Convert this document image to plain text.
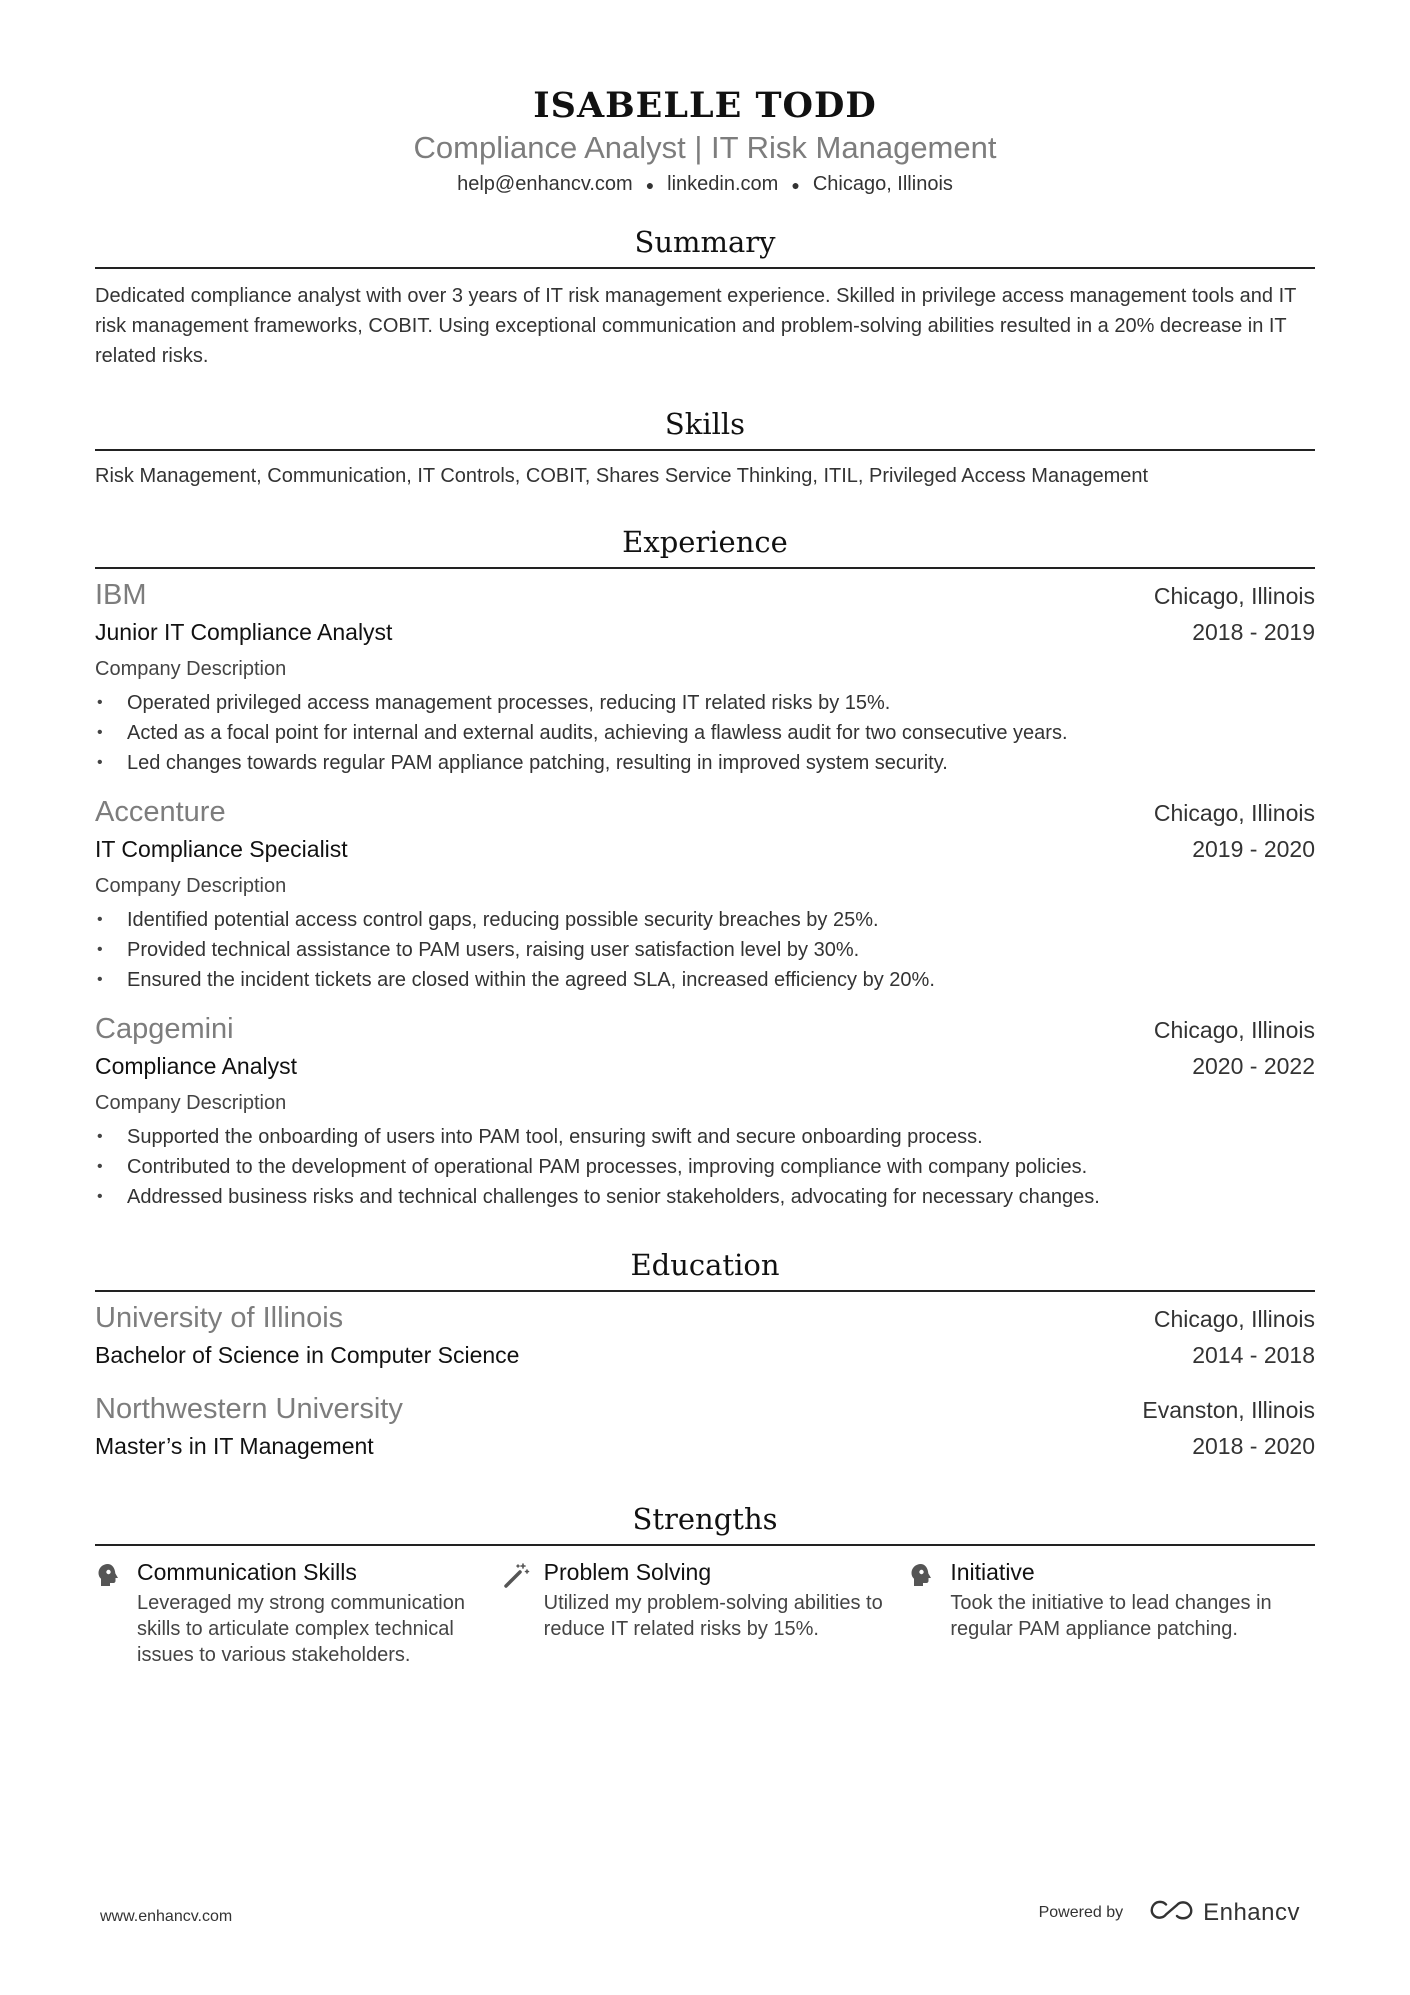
ISABELLE TODD
Compliance Analyst | IT Risk Management
help@enhancv.com ● linkedin.com ● Chicago, Illinois
Summary
Dedicated compliance analyst with over 3 years of IT risk management experience. Skilled in privilege access management tools and IT risk management frameworks, COBIT. Using exceptional communication and problem-solving abilities resulted in a 20% decrease in IT related risks.
Skills
Risk Management, Communication, IT Controls, COBIT, Shares Service Thinking, ITIL, Privileged Access Management
Experience
IBM	Chicago, Illinois
Junior IT Compliance Analyst	2018 - 2019
Company Description
• Operated privileged access management processes, reducing IT related risks by 15%.
• Acted as a focal point for internal and external audits, achieving a flawless audit for two consecutive years.
• Led changes towards regular PAM appliance patching, resulting in improved system security.
Accenture	Chicago, Illinois
IT Compliance Specialist	2019 - 2020
Company Description
• Identified potential access control gaps, reducing possible security breaches by 25%.
• Provided technical assistance to PAM users, raising user satisfaction level by 30%.
• Ensured the incident tickets are closed within the agreed SLA, increased efficiency by 20%.
Capgemini	Chicago, Illinois
Compliance Analyst	2020 - 2022
Company Description
• Supported the onboarding of users into PAM tool, ensuring swift and secure onboarding process.
• Contributed to the development of operational PAM processes, improving compliance with company policies.
• Addressed business risks and technical challenges to senior stakeholders, advocating for necessary changes.
Education
University of Illinois	Chicago, Illinois
Bachelor of Science in Computer Science	2014 - 2018
Northwestern University	Evanston, Illinois
Master’s in IT Management	2018 - 2020
Strengths
Communication Skills
Leveraged my strong communication skills to articulate complex technical issues to various stakeholders.
Problem Solving
Utilized my problem-solving abilities to reduce IT related risks by 15%.
Initiative
Took the initiative to lead changes in regular PAM appliance patching.
www.enhancv.com	Powered by	Enhancv
